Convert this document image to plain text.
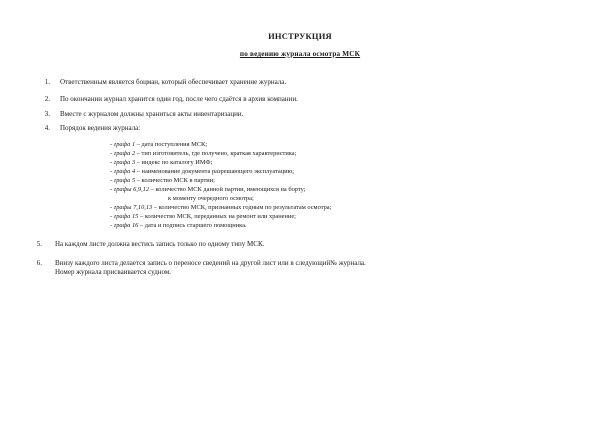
ИНСТРУКЦИЯ
по ведению журнала осмотра МСК
1. Ответственным является боцман, который обеспечивает хранение журнала.
2. По окончании журнал хранится один год, после чего сдаётся в архив компании.
3. Вместе с журналом должны храниться акты инвентаризации.
4. Порядок ведения журнала:
- графа 1 – дата поступления МСК;
- графа 2 – тип изготовитель, где получено, краткая характеристика;
- графа 3 – индекс по каталогу ИМФ;
- графа 4 – наименование документа разрешающего эксплуатацию;
- графа 5 – количество МСК в партии;
- графы 6,9,12 – количество МСК данной партии, имеющихся на борту;
к моменту очередного осмотра;
- графы 7,10,13 – количество МСК, признанных годным по результатам осмотра;
- графа 15 – количество МСК, переданных на ремонт или хранение;
- графа 16 – дата и подпись старшего помощника.
5. На каждом листе должна вестись запись только по одному типу МСК.
6. Внизу каждого листа делается запись о переносе сведений на другой лист или в следующий№ журнала.
Номер журнала присваивается судном.
